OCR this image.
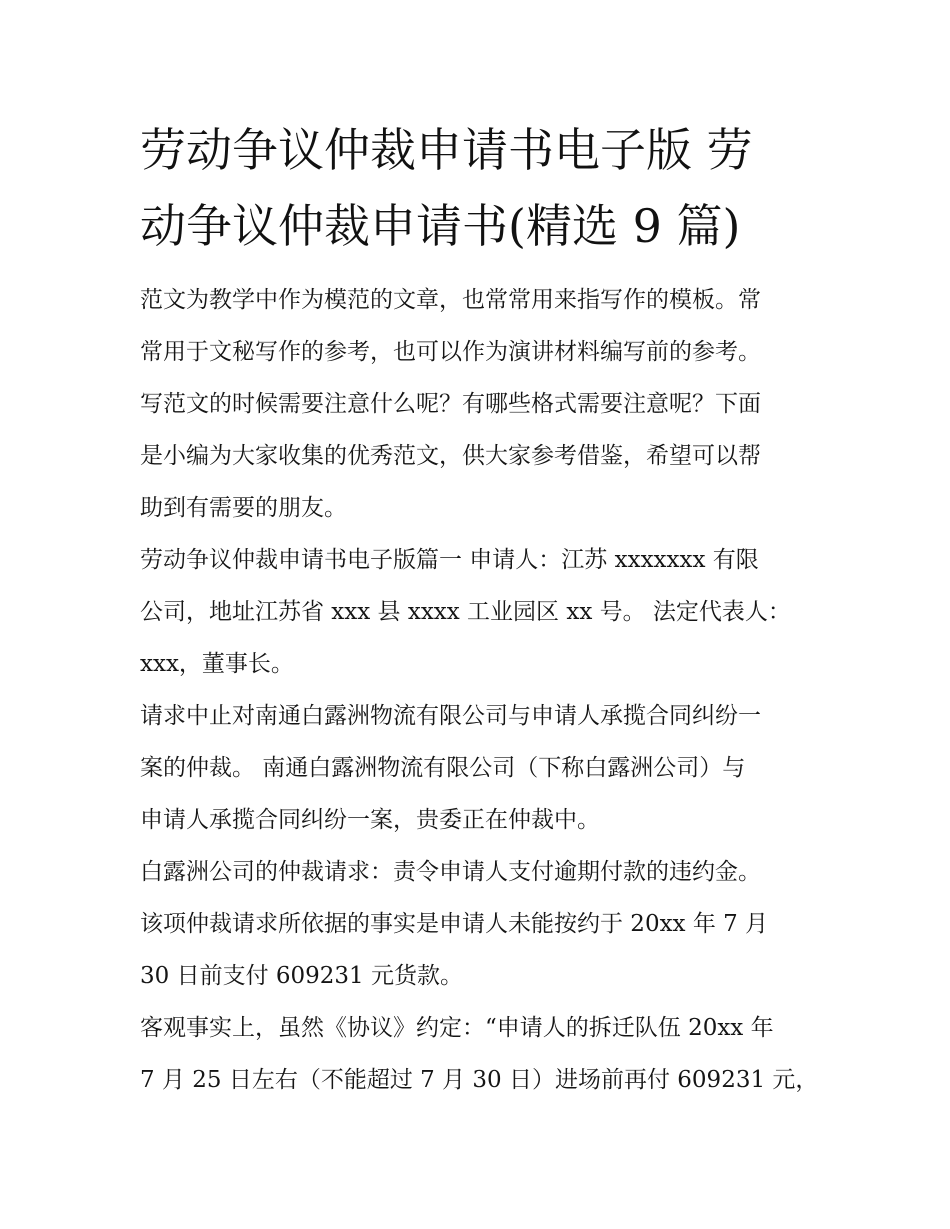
劳动争议仲裁申请书电子版 劳
动争议仲裁申请书(精选 9 篇)
范文为教学中作为模范的文章，也常常用来指写作的模板。常
常用于文秘写作的参考，也可以作为演讲材料编写前的参考。
写范文的时候需要注意什么呢？有哪些格式需要注意呢？下面
是小编为大家收集的优秀范文，供大家参考借鉴，希望可以帮
助到有需要的朋友。
劳动争议仲裁申请书电子版篇一 申请人：江苏 xxxxxxx 有限
公司，地址江苏省 xxx 县 xxxx 工业园区 xx 号。 法定代表人：
xxx，董事长。
请求中止对南通白露洲物流有限公司与申请人承揽合同纠纷一
案的仲裁。 南通白露洲物流有限公司（下称白露洲公司）与
申请人承揽合同纠纷一案，贵委正在仲裁中。
白露洲公司的仲裁请求：责令申请人支付逾期付款的违约金。
该项仲裁请求所依据的事实是申请人未能按约于 20xx 年 7 月
30 日前支付 609231 元货款。
客观事实上，虽然《协议》约定：“申请人的拆迁队伍 20xx 年
7 月 25 日左右（不能超过 7 月 30 日）进场前再付 609231 元，
